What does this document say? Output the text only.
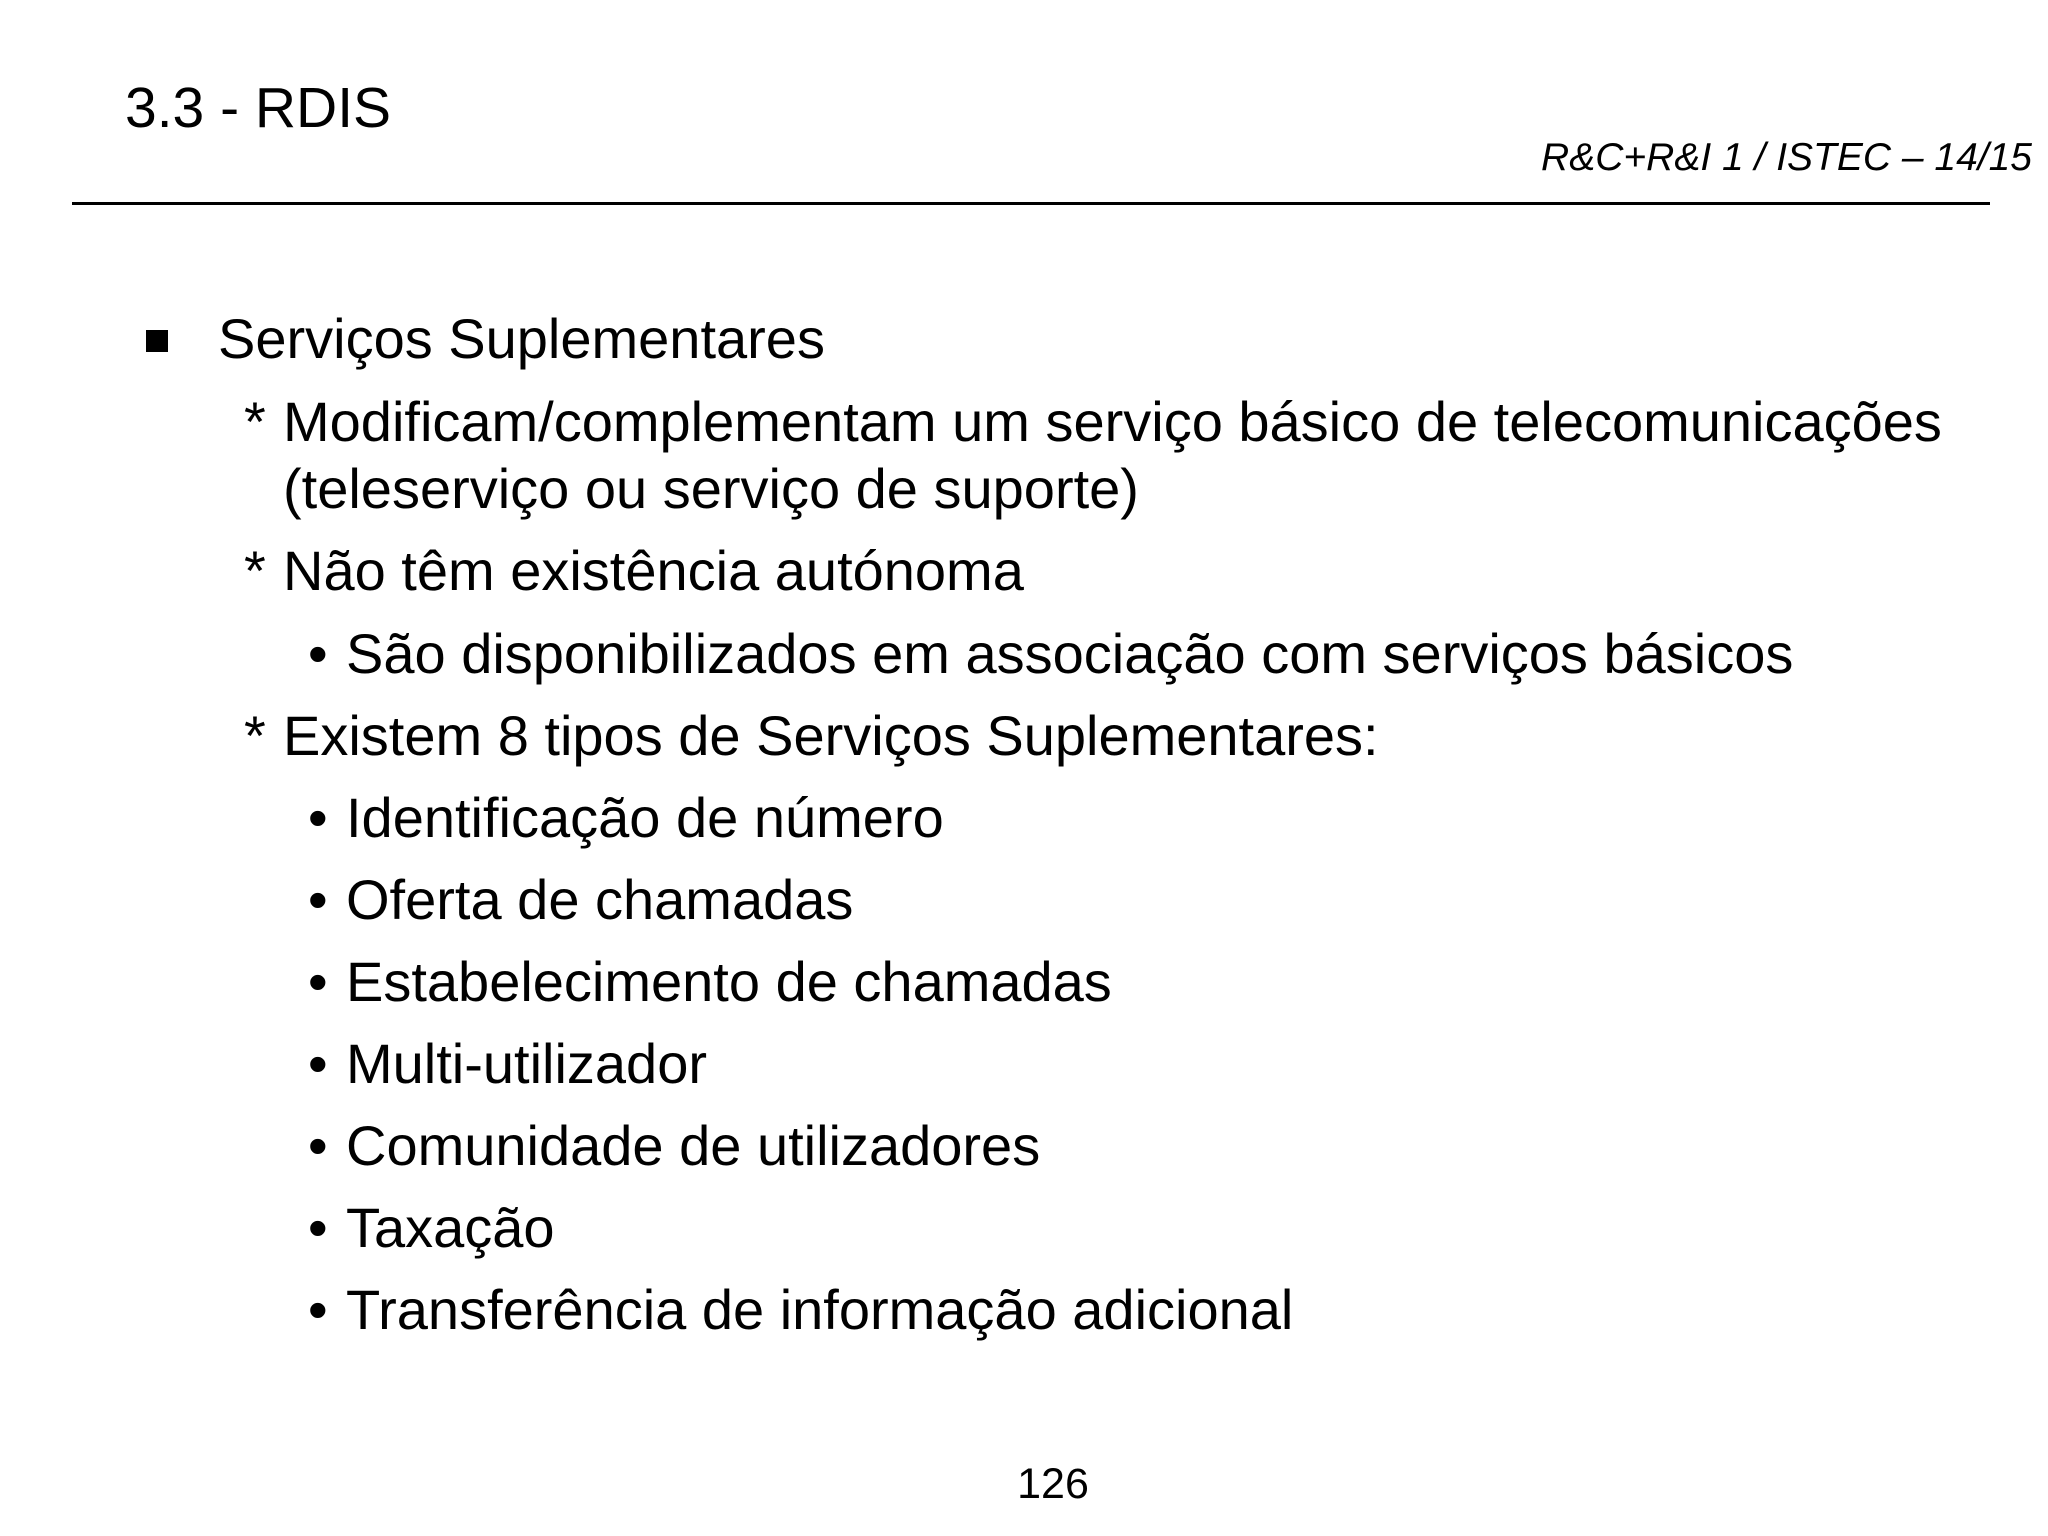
3.3 - RDIS
R&C+R&I 1 / ISTEC – 14/15
Serviços Suplementares
* Modificam/complementam um serviço básico de telecomunicações
(teleserviço ou serviço de suporte)
* Não têm existência autónoma
• São disponibilizados em associação com serviços básicos
* Existem 8 tipos de Serviços Suplementares:
• Identificação de número
• Oferta de chamadas
• Estabelecimento de chamadas
• Multi-utilizador
• Comunidade de utilizadores
• Taxação
• Transferência de informação adicional
126
